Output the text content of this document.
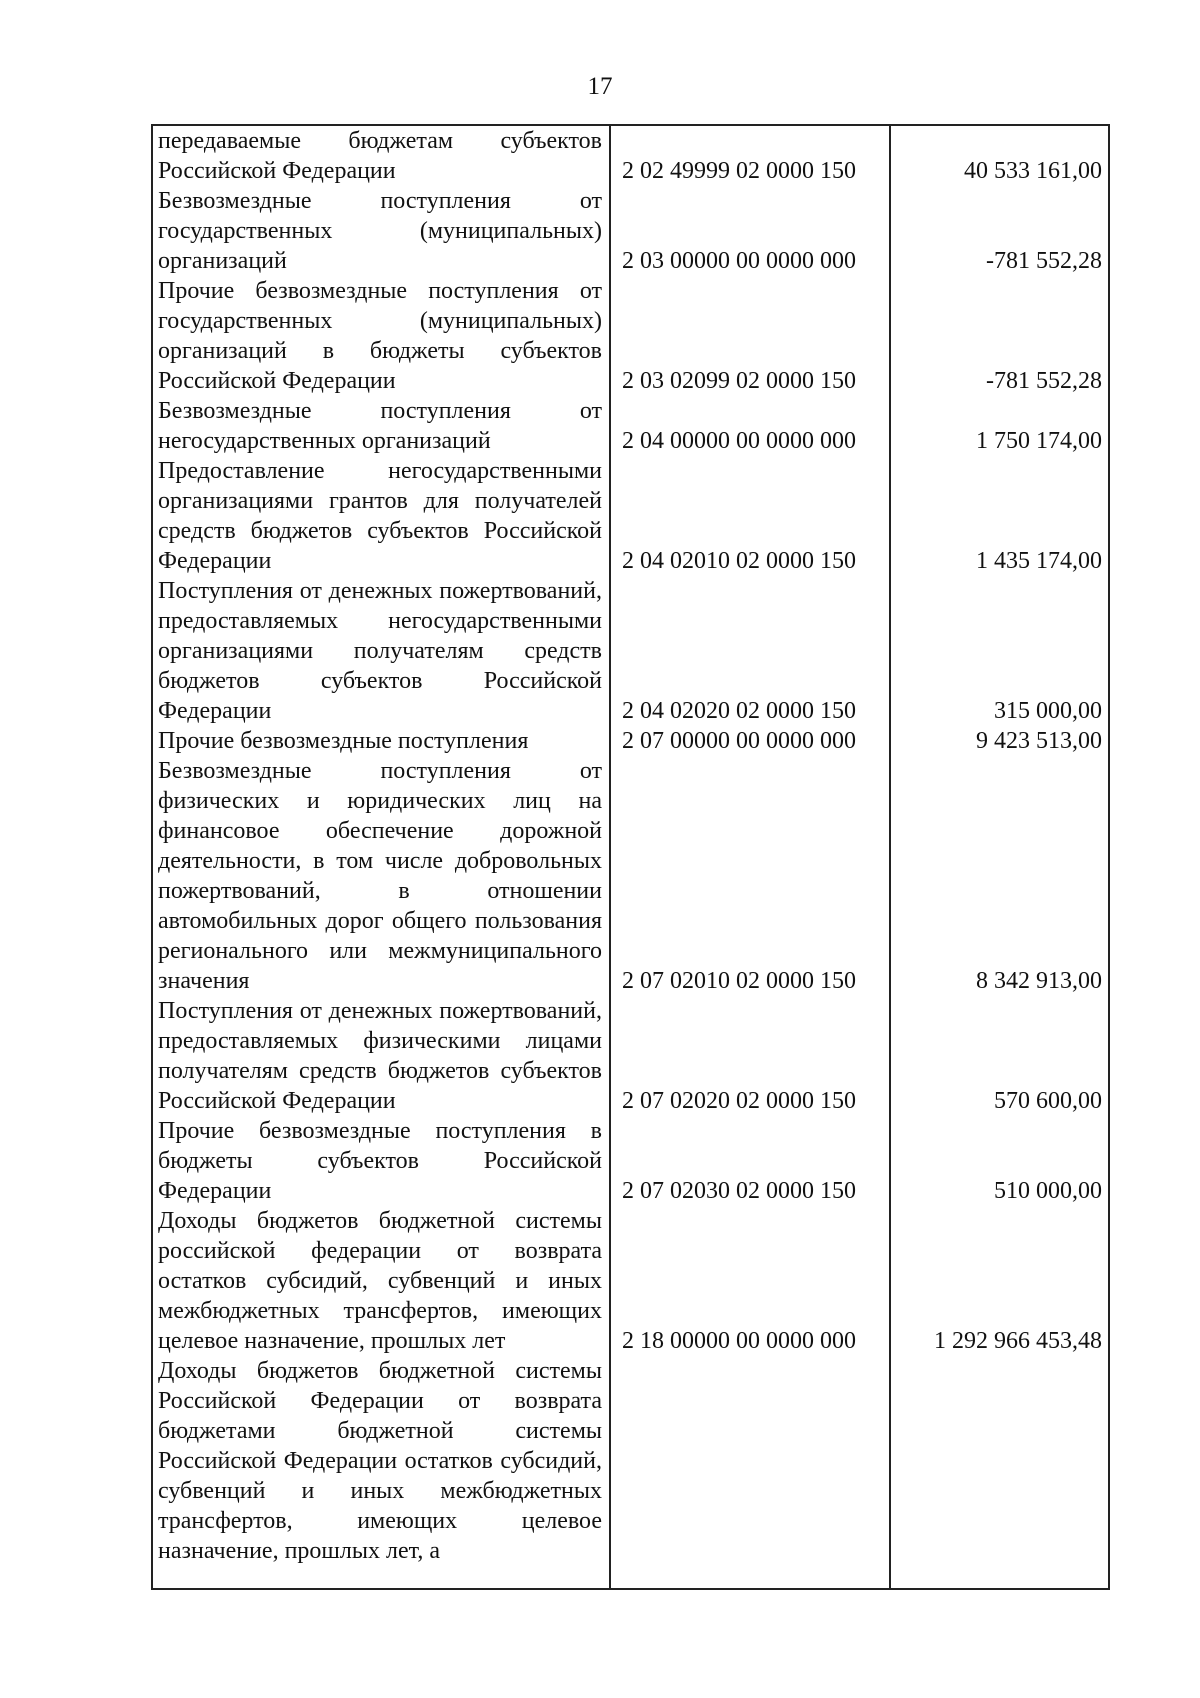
17
передаваемые бюджетам субъектов Российской Федерации	2 02 49999 02 0000 150	40 533 161,00
Безвозмездные поступления от государственных (муниципальных) организаций	2 03 00000 00 0000 000	-781 552,28
Прочие безвозмездные поступления от государственных (муниципальных) организаций в бюджеты субъектов Российской Федерации	2 03 02099 02 0000 150	-781 552,28
Безвозмездные поступления от негосударственных организаций	2 04 00000 00 0000 000	1 750 174,00
Предоставление негосударственными организациями грантов для получателей средств бюджетов субъектов Российской Федерации	2 04 02010 02 0000 150	1 435 174,00
Поступления от денежных пожертвований, предоставляемых негосударственными организациями получателям средств бюджетов субъектов Российской Федерации	2 04 02020 02 0000 150	315 000,00
Прочие безвозмездные поступления	2 07 00000 00 0000 000	9 423 513,00
Безвозмездные поступления от физических и юридических лиц на финансовое обеспечение дорожной деятельности, в том числе добровольных пожертвований, в отношении автомобильных дорог общего пользования регионального или межмуниципального значения	2 07 02010 02 0000 150	8 342 913,00
Поступления от денежных пожертвований, предоставляемых физическими лицами получателям средств бюджетов субъектов Российской Федерации	2 07 02020 02 0000 150	570 600,00
Прочие безвозмездные поступления в бюджеты субъектов Российской Федерации	2 07 02030 02 0000 150	510 000,00
Доходы бюджетов бюджетной системы российской федерации от возврата остатков субсидий, субвенций и иных межбюджетных трансфертов, имеющих целевое назначение, прошлых лет	2 18 00000 00 0000 000	1 292 966 453,48
Доходы бюджетов бюджетной системы Российской Федерации от возврата бюджетами бюджетной системы Российской Федерации остатков субсидий, субвенций и иных межбюджетных трансфертов, имеющих целевое назначение, прошлых лет, а
